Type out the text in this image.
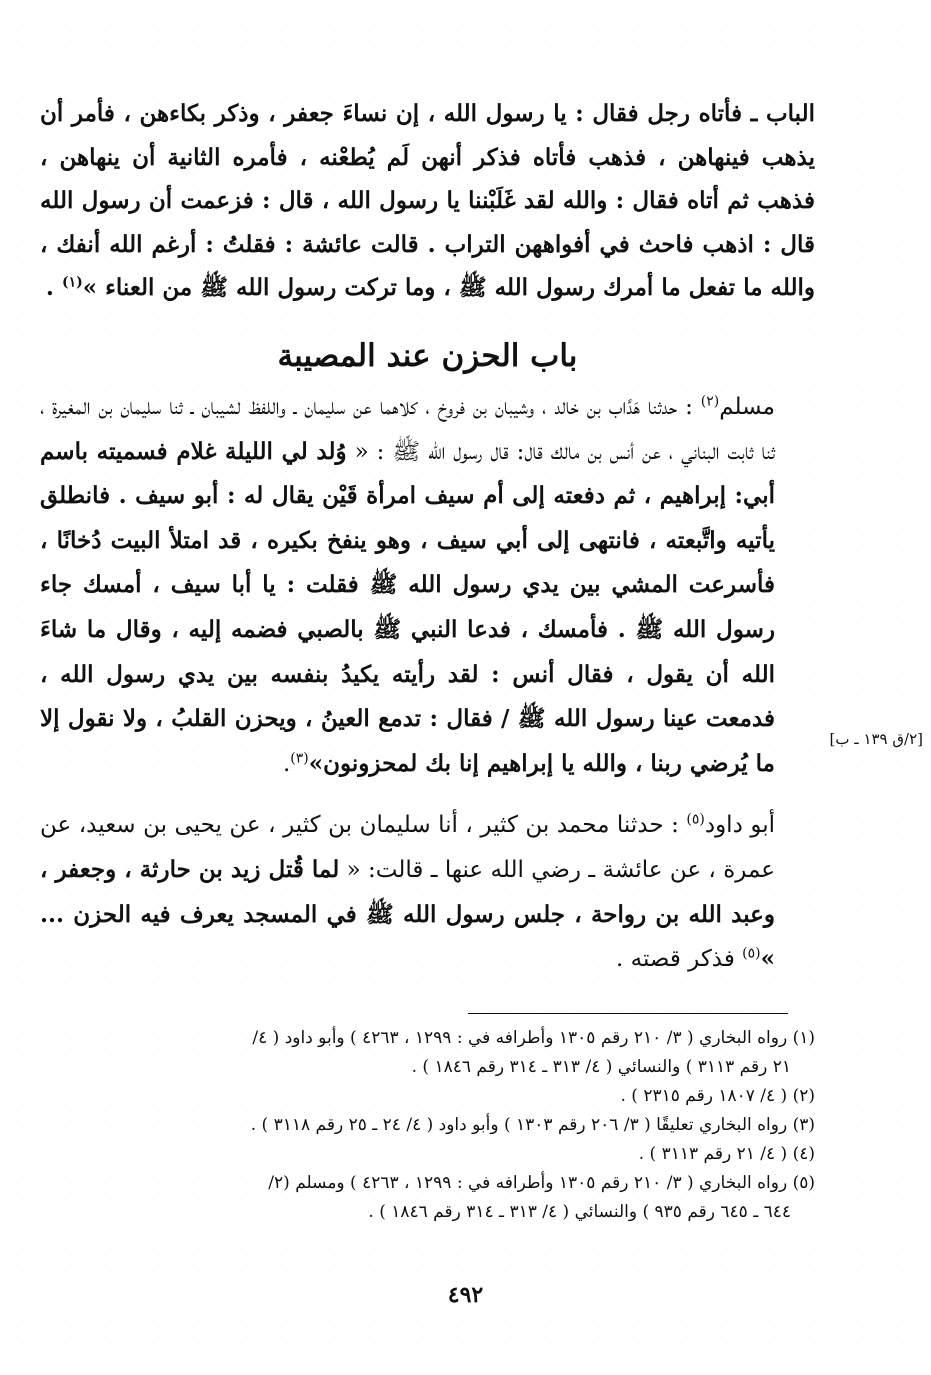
الباب ـ فأتاه رجل فقال : يا رسول الله ، إن نساءَ جعفر ، وذكر بكاءهن ، فأمر أن يذهب فينهاهن ، فذهب فأتاه فذكر أنهن لَم يُطعْنه ، فأمره الثانية أن ينهاهن ، فذهب ثم أتاه فقال : والله لقد غَلَبْننا يا رسول الله ، قال : فزعمت أن رسول الله قال : اذهب فاحث في أفواههن التراب . قالت عائشة : فقلتُ : أرغم الله أنفك ، والله ما تفعل ما أمرك رسول الله ﷺ ، وما تركت رسول الله ﷺ من العناء »$^{(١)}$ .

باب الحزن عند المصيبة

مسلم$^{(٢)}$ : حدثنا هَدَّاب بن خالد ، وشيبان بن فروخ ، كلاهما عن سليمان ـ واللفظ لشيبان ـ ثنا سليمان بن المغيرة ، ثنا ثابت البناني ، عن أنس بن مالك قال: قال رسول الله ﷺ : « وُلد لي الليلة غلام فسميته باسم أبي: إبراهيم ، ثم دفعته إلى أم سيف امرأة قَيْن يقال له : أبو سيف . فانطلق يأتيه واتَّبعته ، فانتهى إلى أبي سيف ، وهو ينفخ بكيره ، قد امتلأ البيت دُخانًا ، فأسرعت المشي بين يدي رسول الله ﷺ فقلت : يا أبا سيف ، أمسك جاء رسول الله ﷺ . فأمسك ، فدعا النبي ﷺ بالصبي فضمه إليه ، وقال ما شاءَ الله أن يقول ، فقال أنس : لقد رأيته يكيدُ بنفسه بين يدي رسول الله ، فدمعت عينا رسول الله ﷺ / فقال : تدمع العينُ ، ويحزن القلبُ ، ولا نقول إلا ما يُرضي ربنا ، والله يا إبراهيم إنا بك لمحزونون»$^{(٣)}$.

أبو داود$^{(٥)}$ : حدثنا محمد بن كثير ، أنا سليمان بن كثير ، عن يحيى بن سعيد، عن عمرة ، عن عائشة ـ رضي الله عنها ـ قالت: « لما قُتل زيد بن حارثة ، وجعفر ، وعبد الله بن رواحة ، جلس رسول الله ﷺ في المسجد يعرف فيه الحزن ... »$^{(٥)}$ فذكر قصته .

[٢/ق ١٣٩ ـ ب]

(١) رواه البخاري ( ٣/ ٢١٠ رقم ١٣٠٥ وأطرافه في : ١٢٩٩ ، ٤٢٦٣ ) وأبو داود ( ٤/
٢١ رقم ٣١١٣ ) والنسائي ( ٤/ ٣١٣ ـ ٣١٤ رقم ١٨٤٦ ) .

(٢) ( ٤/ ١٨٠٧ رقم ٢٣١٥ ) .

(٣) رواه البخاري تعليقًا ( ٣/ ٢٠٦ رقم ١٣٠٣ ) وأبو داود ( ٤/ ٢٤ ـ ٢٥ رقم ٣١١٨ ) .

(٤) ( ٤/ ٢١ رقم ٣١١٣ ) .

(٥) رواه البخاري ( ٣/ ٢١٠ رقم ١٣٠٥ وأطرافه في : ١٢٩٩ ، ٤٢٦٣ ) ومسلم (٢/
٦٤٤ ـ ٦٤٥ رقم ٩٣٥ ) والنسائي ( ٤/ ٣١٣ ـ ٣١٤ رقم ١٨٤٦ ) .

٤٩٢
